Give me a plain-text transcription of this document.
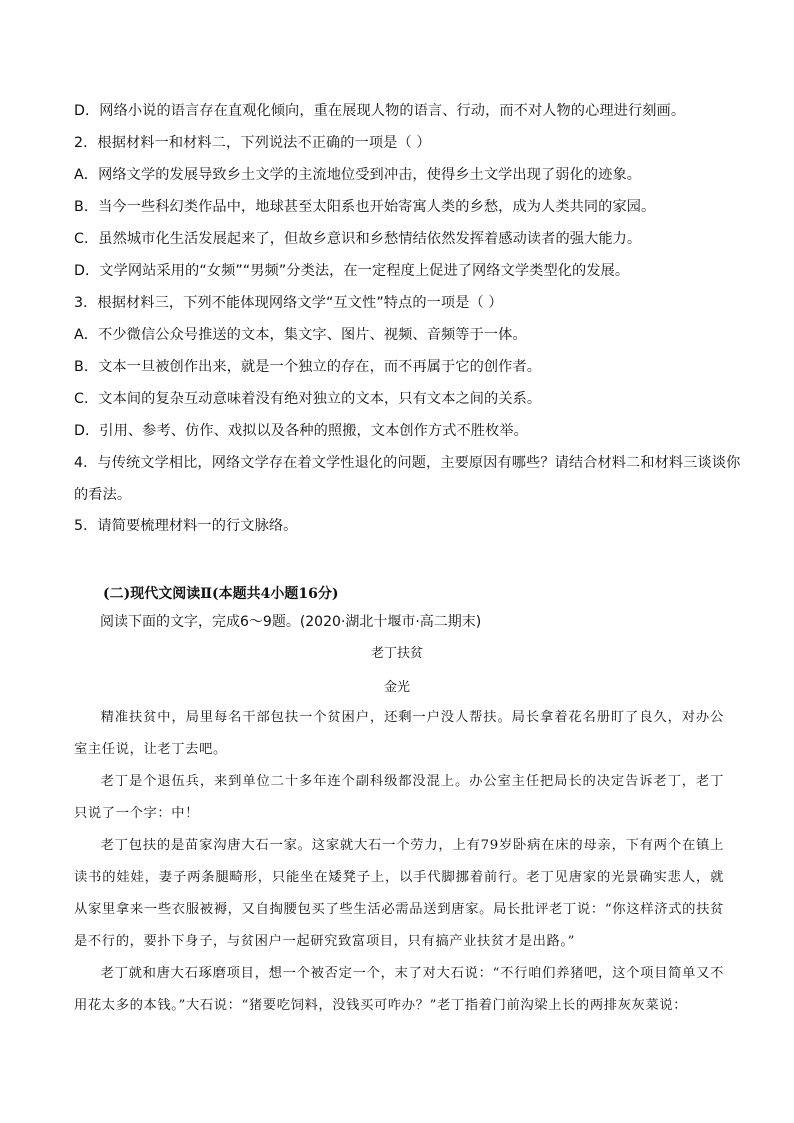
D．网络小说的语言存在直观化倾向，重在展现人物的语言、行动，而不对人物的心理进行刻画。
2．根据材料一和材料二，下列说法不正确的一项是（ ）
A．网络文学的发展导致乡土文学的主流地位受到冲击，使得乡土文学出现了弱化的迹象。
B．当今一些科幻类作品中，地球甚至太阳系也开始寄寓人类的乡愁，成为人类共同的家园。
C．虽然城市化生活发展起来了，但故乡意识和乡愁情结依然发挥着感动读者的强大能力。
D．文学网站采用的“女频”“男频”分类法，在一定程度上促进了网络文学类型化的发展。
3．根据材料三，下列不能体现网络文学“互文性”特点的一项是（ ）
A．不少微信公众号推送的文本，集文字、图片、视频、音频等于一体。
B．文本一旦被创作出来，就是一个独立的存在，而不再属于它的创作者。
C．文本间的复杂互动意味着没有绝对独立的文本，只有文本之间的关系。
D．引用、参考、仿作、戏拟以及各种的照搬，文本创作方式不胜枚举。
4．与传统文学相比，网络文学存在着文学性退化的问题，主要原因有哪些？请结合材料二和材料三谈谈你
的看法。
5．请简要梳理材料一的行文脉络。
(二)现代文阅读Ⅱ(本题共4小题16分)
阅读下面的文字，完成6～9题。(2020·湖北十堰市·高二期末)
老丁扶贫
金光

精准扶贫中，局里每名干部包扶一个贫困户，还剩一户没人帮扶。局长拿着花名册盯了良久，对办公室主任说，让老丁去吧。

老丁是个退伍兵，来到单位二十多年连个副科级都没混上。办公室主任把局长的决定告诉老丁，老丁只说了一个字：中！

老丁包扶的是苗家沟唐大石一家。这家就大石一个劳力，上有79岁卧病在床的母亲，下有两个在镇上读书的娃娃，妻子两条腿畸形，只能坐在矮凳子上，以手代脚挪着前行。老丁见唐家的光景确实悲人，就从家里拿来一些衣服被褥，又自掏腰包买了些生活必需品送到唐家。局长批评老丁说：“你这样济式的扶贫是不行的，要扑下身子，与贫困户一起研究致富项目，只有搞产业扶贫才是出路。”

老丁就和唐大石琢磨项目，想一个被否定一个，末了对大石说：“不行咱们养猪吧，这个项目简单又不用花太多的本钱。”大石说：“猪要吃饲料，没钱买可咋办？”老丁指着门前沟梁上长的两排灰灰菜说：
